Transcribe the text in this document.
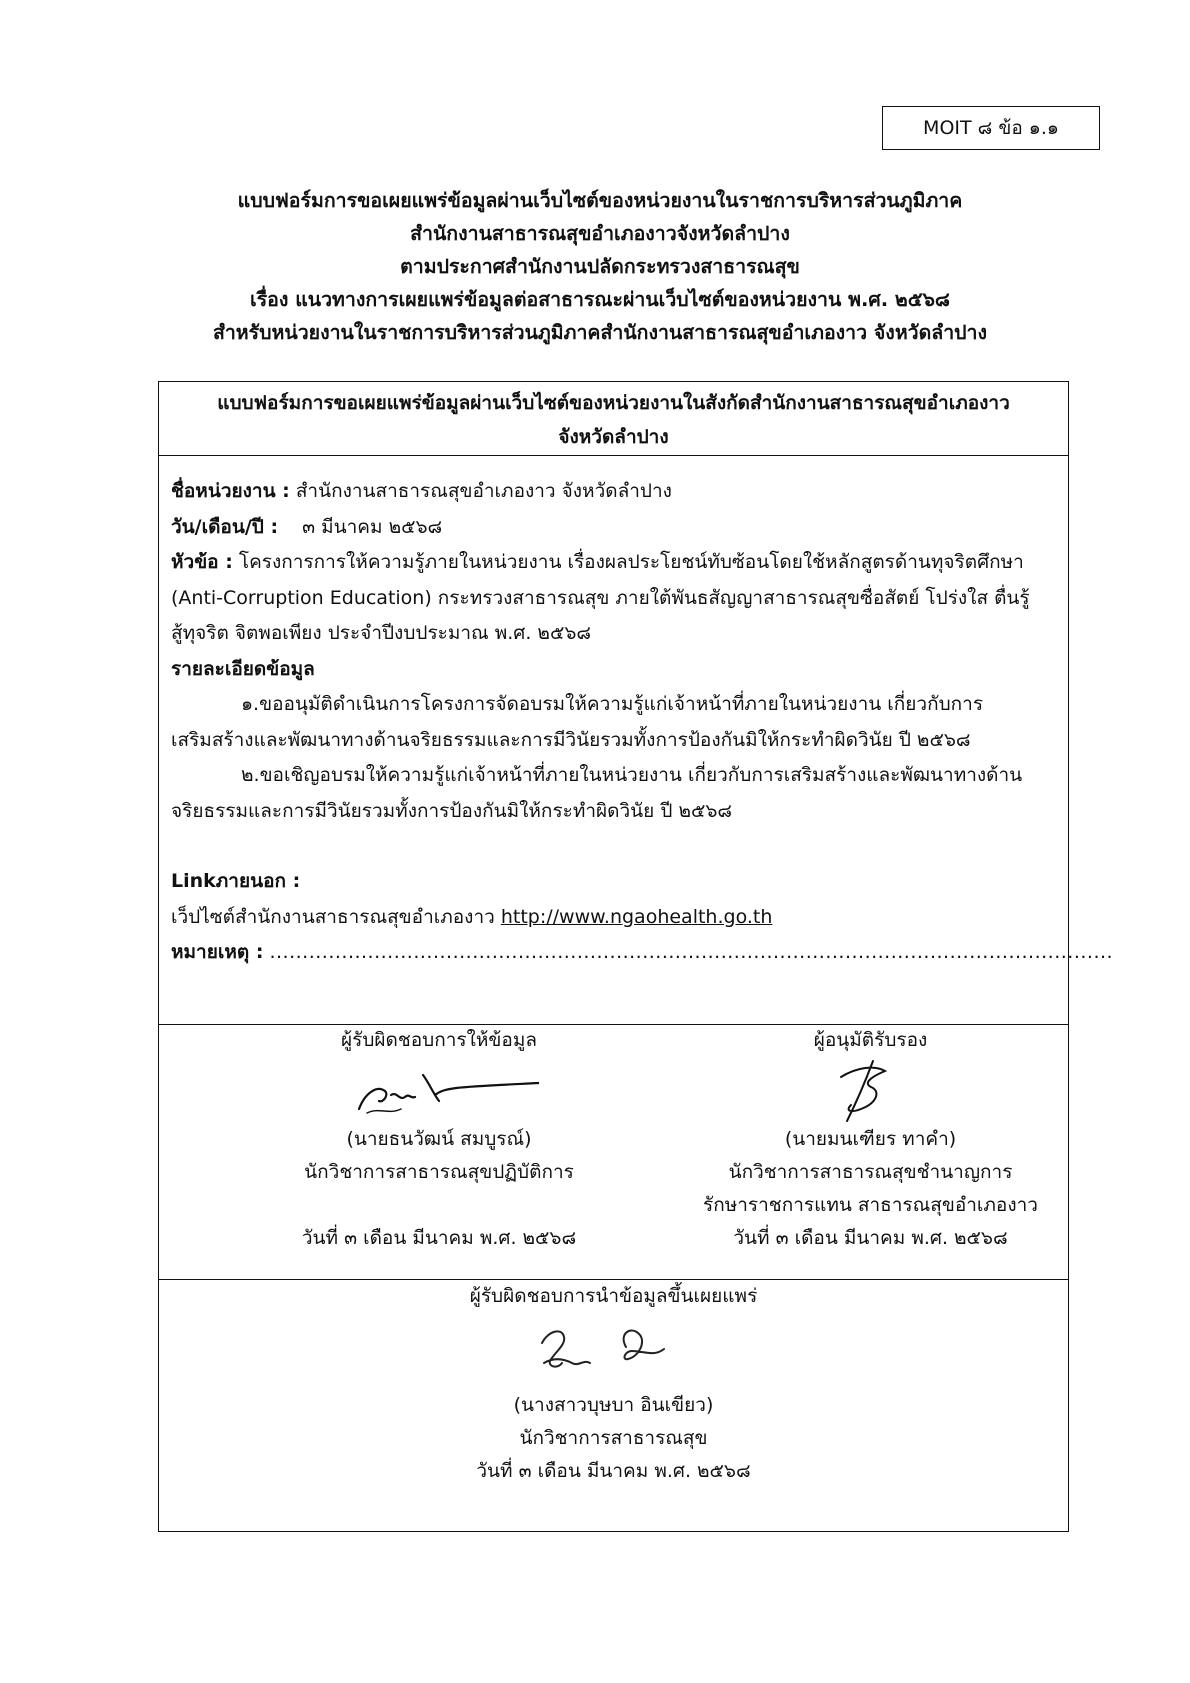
MOIT ๘ ข้อ ๑.๑
แบบฟอร์มการขอเผยแพร่ข้อมูลผ่านเว็บไซต์ของหน่วยงานในราชการบริหารส่วนภูมิภาค
สำนักงานสาธารณสุขอำเภองาวจังหวัดลำปาง
ตามประกาศสำนักงานปลัดกระทรวงสาธารณสุข
เรื่อง แนวทางการเผยแพร่ข้อมูลต่อสาธารณะผ่านเว็บไซต์ของหน่วยงาน พ.ศ. ๒๕๖๘
สำหรับหน่วยงานในราชการบริหารส่วนภูมิภาคสำนักงานสาธารณสุขอำเภองาว จังหวัดลำปาง
แบบฟอร์มการขอเผยแพร่ข้อมูลผ่านเว็บไซต์ของหน่วยงานในสังกัดสำนักงานสาธารณสุขอำเภองาว
จังหวัดลำปาง
ชื่อหน่วยงาน : สำนักงานสาธารณสุขอำเภองาว จังหวัดลำปาง
วัน/เดือน/ปี : ๓ มีนาคม ๒๕๖๘
หัวข้อ : โครงการการให้ความรู้ภายในหน่วยงาน เรื่องผลประโยชน์ทับซ้อนโดยใช้หลักสูตรด้านทุจริตศึกษา
(Anti-Corruption Education) กระทรวงสาธารณสุข ภายใต้พันธสัญญาสาธารณสุขซื่อสัตย์ โปร่งใส ตื่นรู้
สู้ทุจริต จิตพอเพียง ประจำปีงบประมาณ พ.ศ. ๒๕๖๘
รายละเอียดข้อมูล
๑.ขออนุมัติดำเนินการโครงการจัดอบรมให้ความรู้แก่เจ้าหน้าที่ภายในหน่วยงาน เกี่ยวกับการ
เสริมสร้างและพัฒนาทางด้านจริยธรรมและการมีวินัยรวมทั้งการป้องกันมิให้กระทำผิดวินัย ปี ๒๕๖๘
๒.ขอเชิญอบรมให้ความรู้แก่เจ้าหน้าที่ภายในหน่วยงาน เกี่ยวกับการเสริมสร้างและพัฒนาทางด้าน
จริยธรรมและการมีวินัยรวมทั้งการป้องกันมิให้กระทำผิดวินัย ปี ๒๕๖๘
Linkภายนอก :
เว็ปไซต์สำนักงานสาธารณสุขอำเภองาว http://www.ngaohealth.go.th
หมายเหตุ : .................................................................................................................................
ผู้รับผิดชอบการให้ข้อมูล
(นายธนวัฒน์ สมบูรณ์)
นักวิชาการสาธารณสุขปฏิบัติการ
วันที่ ๓ เดือน มีนาคม พ.ศ. ๒๕๖๘
ผู้อนุมัติรับรอง
(นายมนเฑียร ทาคำ)
นักวิชาการสาธารณสุขชำนาญการ
รักษาราชการแทน สาธารณสุขอำเภองาว
วันที่ ๓ เดือน มีนาคม พ.ศ. ๒๕๖๘
ผู้รับผิดชอบการนำข้อมูลขึ้นเผยแพร่
(นางสาวบุษบา อินเขียว)
นักวิชาการสาธารณสุข
วันที่ ๓ เดือน มีนาคม พ.ศ. ๒๕๖๘
